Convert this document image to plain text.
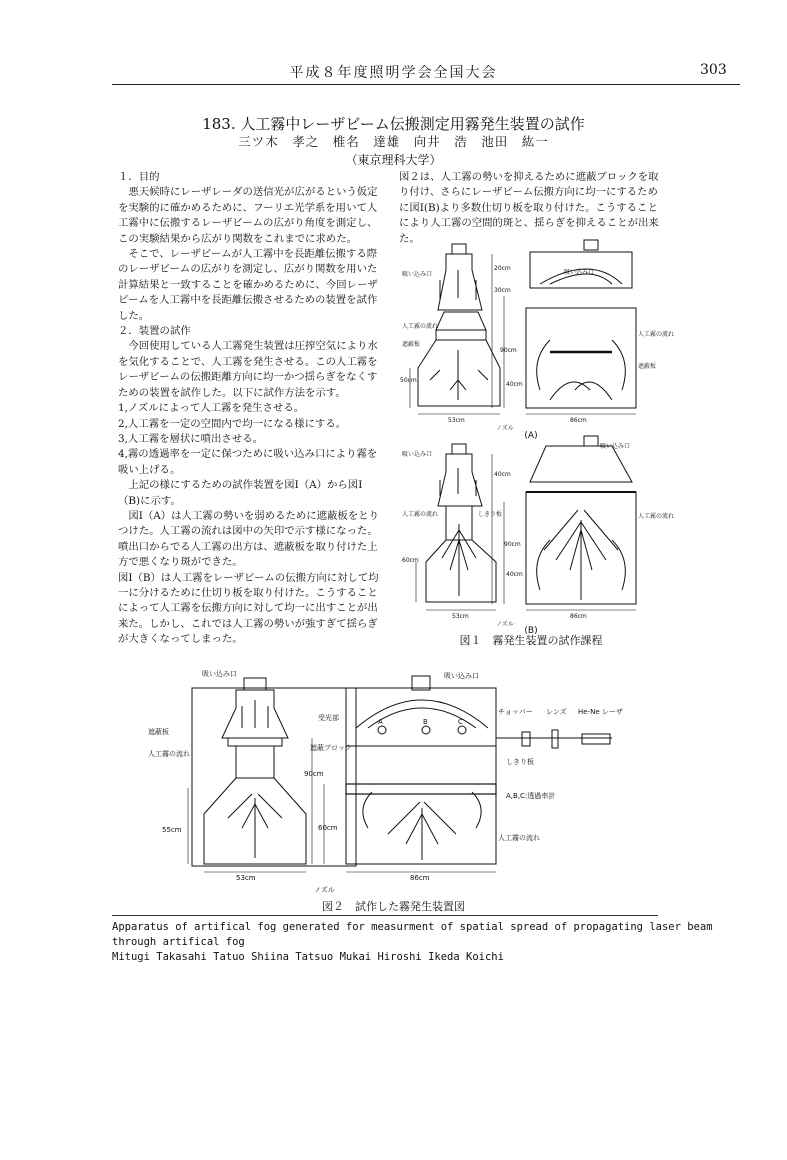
平成８年度照明学会全国大会	303
183. 人工霧中レーザビーム伝搬測定用霧発生装置の試作
三ツ木　孝之　椎名　達雄　向井　浩　池田　紘一
（東京理科大学）

１．目的

悪天候時にレーザレーダの送信光が広がるという仮定を実験的に確かめるために、フーリエ光学系を用いて人工霧中に伝搬するレーザビームの広がり角度を測定し、この実験結果から広がり関数をこれまでに求めた。

そこで、レーザビームが人工霧中を長距離伝搬する際のレーザビームの広がりを測定し、広がり関数を用いた計算結果と一致することを確かめるために、今回レーザビームを人工霧中を長距離伝搬させるための装置を試作した。

２．装置の試作

今回使用している人工霧発生装置は圧搾空気により水を気化することで、人工霧を発生させる。この人工霧をレーザビームの伝搬距離方向に均一かつ揺らぎをなくすための装置を試作した。以下に試作方法を示す。

1,ノズルによって人工霧を発生させる。

2,人工霧を一定の空間内で均一になる様にする。

3,人工霧を層状に噴出させる。

4,霧の透過率を一定に保つために吸い込み口により霧を吸い上げる。

上記の様にするための試作装置を図Ⅰ（A）から図Ⅰ（B)に示す。

図Ⅰ（A）は人工霧の勢いを弱めるために遮蔽板をとりつけた。人工霧の流れは図中の矢印で示す様になった。噴出口からでる人工霧の出方は、遮蔽板を取り付けた上方で悪くなり斑ができた。

図Ⅰ（B）は人工霧をレーザビームの伝搬方向に対して均一に分けるために仕切り板を取り付けた。こうすることによって人工霧を伝搬方向に対して均一に出すことが出来た。しかし、これでは人工霧の勢いが強すぎて揺らぎが大きくなってしまった。

図２は、人工霧の勢いを抑えるために遮蔽ブロックを取り付け、さらにレーザビーム伝搬方向に均一にするために図Ⅰ(B)より多数仕切り板を取り付けた。こうすることにより人工霧の空間的斑と、揺らぎを抑えることが出来た。

吸い込み口
人工霧の流れ
遮蔽板
20cm
30cm
90cm
40cm
50cm
53cm	86cm
ノズル
吸い込み口
人工霧の流れ
遮蔽板
(A)
吸い込み口
人工霧の流れ	しきり板
40cm
90cm
40cm
60cm
53cm	86cm
ノズル
吸い込み口
人工霧の流れ
(B)
図１　霧発生装置の試作課程
吸い込み口	吸い込み口
受光部
チョッパー レンズ He-Ne レーザ
遮蔽板
人工霧の流れ
遮蔽ブロック
しきり板
A,B,C:透過率計
人工霧の流れ
A	B	C
90cm
55cm	60cm
53cm	86cm
ノズル
図２　試作した霧発生装置図
Apparatus of artifical fog generated for measurment of spatial spread of propagating laser beam
through artifical fog
Mitugi Takasahi Tatuo Shiina Tatsuo Mukai Hiroshi Ikeda Koichi
